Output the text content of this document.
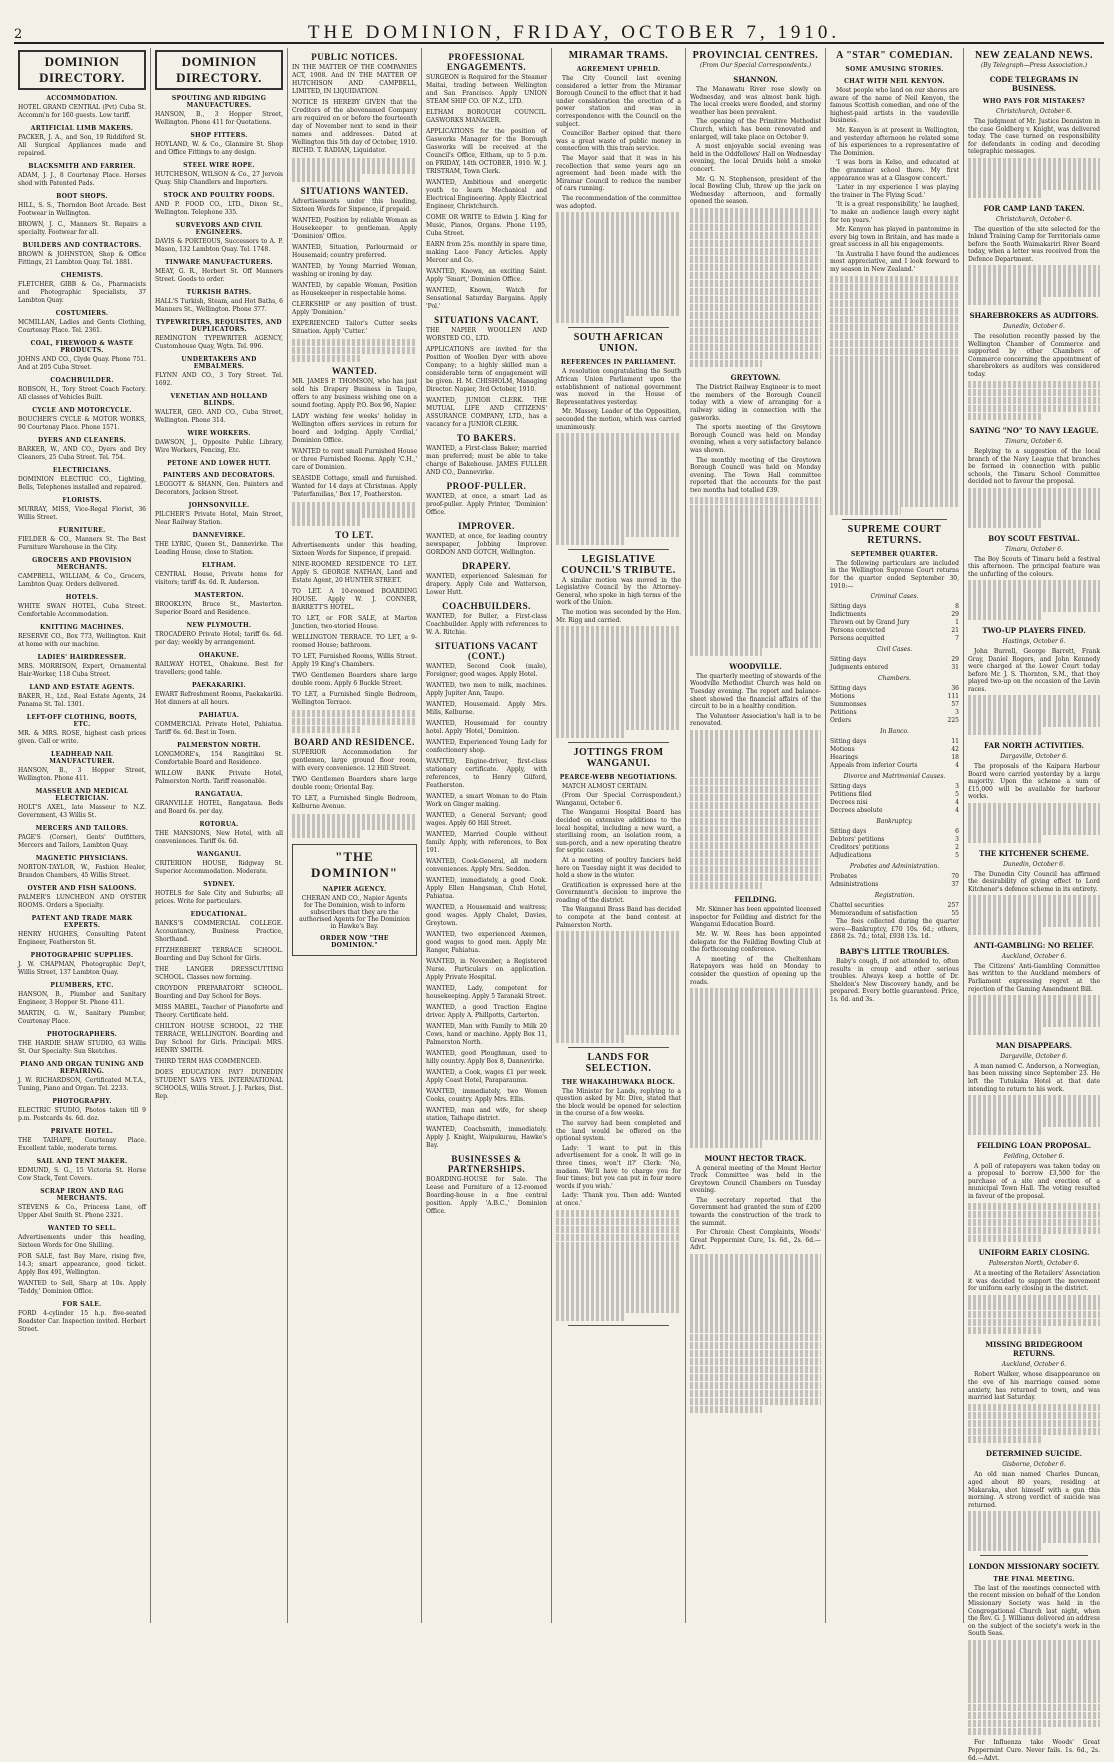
2	THE DOMINION, FRIDAY, OCTOBER 7, 1910.
DOMINION DIRECTORY.
ACCOMMODATION.

HOTEL GRAND CENTRAL (Pvt) Cuba St. Accomm'n for 160 guests. Low tariff.

ARTIFICIAL LIMB MAKERS.

PACKER, J. A., and Son, 19 Riddiford St. All Surgical Appliances made and repaired.

BLACKSMITH AND FARRIER.

ADAM, J. J., 8 Courtenay Place. Horses shod with Patented Pads.

BOOT SHOPS.

HILL, S. S., Thorndon Boot Arcade. Best Footwear in Wellington.

BROWN, J. C., Manners St. Repairs a specialty. Footwear for all.

BUILDERS AND CONTRACTORS.

BROWN & JOHNSTON, Shop & Office Fittings, 21 Lambton Quay. Tel. 1881.

CHEMISTS.

FLETCHER, GIBB & Co., Pharmacists and Photographic Specialists, 37 Lambton Quay.

COSTUMIERS.

MCMILLAN, Ladies and Gents Clothing, Courtenay Place. Tel. 2361.

COAL, FIREWOOD & WASTE PRODUCTS.

JOHNS AND CO., Clyde Quay. Phone 751. And at 205 Cuba Street.

COACHBUILDER.

ROBSON, H., Tory Street Coach Factory. All classes of Vehicles Built.

CYCLE AND MOTORCYCLE.

BOUCHER'S CYCLE & MOTOR WORKS, 90 Courtenay Place. Phone 1571.

DYERS AND CLEANERS.

BARKER, W., AND CO., Dyers and Dry Cleaners, 25 Cuba Street. Tel. 754.

ELECTRICIANS.

DOMINION ELECTRIC CO., Lighting, Bells, Telephones installed and repaired.

FLORISTS.

MURRAY, MISS, Vice-Regal Florist, 36 Willis Street.

FURNITURE.

FIELDER & CO., Manners St. The Best Furniture Warehouse in the City.

GROCERS AND PROVISION MERCHANTS.

CAMPBELL, WILLIAM, & Co., Grocers, Lambton Quay. Orders delivered.

HOTELS.

WHITE SWAN HOTEL, Cuba Street. Comfortable Accommodation.

KNITTING MACHINES.

RESERVE CO., Box 773, Wellington. Knit at home with our machine.

LADIES' HAIRDRESSER.

MRS. MORRISON, Expert, Ornamental Hair-Worker, 118 Cuba Street.

LAND AND ESTATE AGENTS.

BAKER, H., Ltd., Real Estate Agents, 24 Panama St. Tel. 1301.

LEFT-OFF CLOTHING, BOOTS, ETC.

MR. & MRS. ROSE, highest cash prices given. Call or write.

LEADHEAD NAIL MANUFACTURER.

HANSON, B., 3 Hopper Street, Wellington. Phone 411.

MASSEUR AND MEDICAL ELECTRICIAN.

HOLT'S AXEL, late Masseur to N.Z. Government, 43 Willis St.

MERCERS AND TAILORS.

PAGE'S (Corner), Gents' Outfitters, Mercers and Tailors, Lambton Quay.

MAGNETIC PHYSICIANS.

NORTON-TAYLOR, W., Fashion Healer, Brandon Chambers, 45 Willis Street.

OYSTER AND FISH SALOONS.

PALMER'S LUNCHEON AND OYSTER ROOMS. Orders a Specialty.

PATENT AND TRADE MARK EXPERTS.

HENRY HUGHES, Consulting Patent Engineer, Featherston St.

PHOTOGRAPHIC SUPPLIES.

J. W. CHAPMAN, Photographic Dep't, Willis Street, 137 Lambton Quay.

PLUMBERS, ETC.

HANSON, B., Plumber and Sanitary Engineer, 3 Hopper St. Phone 411.

MARTIN, G. W., Sanitary Plumber, Courtenay Place.

PHOTOGRAPHERS.

THE HARDIE SHAW STUDIO, 63 Willis St. Our Specialty: Sun Sketches.

PIANO AND ORGAN TUNING AND REPAIRING.

J. W. RICHARDSON, Certificated M.T.A., Tuning, Piano and Organ. Tel. 2233.

PHOTOGRAPHY.

ELECTRIC STUDIO, Photos taken till 9 p.m. Postcards 4s. 6d. doz.

PRIVATE HOTEL.

THE TAIHAPE, Courtenay Place. Excellent table, moderate terms.

SAIL AND TENT MAKER.

EDMUND, S. G., 15 Victoria St. Horse Cow Stack, Tent Covers.

SCRAP IRON AND RAG MERCHANTS.

STEVENS & Co., Princess Lane, off Upper Abel Smith St. Phone 2321.

WANTED TO SELL.

Advertisements under this heading, Sixteen Words for One Shilling.

FOR SALE, fast Bay Mare, rising five, 14.3; smart appearance, good ticket. Apply Box 491, Wellington.

WANTED to Sell, Sharp at 10s. Apply 'Teddy,' Dominion Office.

FOR SALE.

FORD 4-cylinder 15 h.p. five-seated Roadster Car. Inspection invited. Herbert Street.

DOMINION DIRECTORY.
SPOUTING AND RIDGING MANUFACTURES.

HANSON, B., 3 Hopper Street, Wellington. Phone 411 for Quotations.

SHOP FITTERS.

HOYLAND, W. & Co., Glanmire St. Shop and Office Fittings to any design.

STEEL WIRE ROPE.

HUTCHESON, WILSON & Co., 27 Jervois Quay. Ship Chandlers and Importers.

STOCK AND POULTRY FOODS.

AND P. FOOD CO., LTD., Dixon St., Wellington. Telephone 335.

SURVEYORS AND CIVIL ENGINEERS.

DAVIS & PORTEOUS, Successors to A. P. Mason, 132 Lambton Quay. Tel. 1748.

TINWARE MANUFACTURERS.

MEAY, G. R., Herbert St. Off Manners Street. Goods to order.

TURKISH BATHS.

HALL'S Turkish, Steam, and Hot Baths, 6 Manners St., Wellington. Phone 377.

TYPEWRITERS, REQUISITES, AND DUPLICATORS.

REMINGTON TYPEWRITER AGENCY, Customhouse Quay, Wgtn. Tel. 996.

UNDERTAKERS AND EMBALMERS.

FLYNN AND CO., 3 Tory Street. Tel. 1692.

VENETIAN AND HOLLAND BLINDS.

WALTER, GEO. AND CO., Cuba Street, Wellington. Phone 314.

WIRE WORKERS.

DAWSON, J., Opposite Public Library, Wire Workers, Fencing, Etc.

PETONE AND LOWER HUTT.
PAINTERS AND DECORATORS.

LEGGOTT & SHANN, Gen. Painters and Decorators, Jackson Street.

JOHNSONVILLE.

PILCHER'S Private Hotel, Main Street, Near Railway Station.

DANNEVIRKE.

THE LYRIC, Queen St., Dannevirke. The Leading House, close to Station.

ELTHAM.

CENTRAL House, Private home for visitors; tariff 4s. 6d. R. Anderson.

MASTERTON.

BROOKLYN, Bruce St., Masterton. Superior Board and Residence.

NEW PLYMOUTH.

TROCADERO Private Hotel; tariff 6s. 6d. per day; weekly by arrangement.

OHAKUNE.

RAILWAY HOTEL, Ohakune. Best for travellers; good table.

PAEKAKARIKI.

EWART Refreshment Rooms, Paekakariki. Hot dinners at all hours.

PAHIATUA.

COMMERCIAL Private Hotel, Pahiatua. Tariff 6s. 6d. Best in Town.

PALMERSTON NORTH.

LONGMORE's, 154 Rangitikei St. Comfortable Board and Residence.

WILLOW BANK Private Hotel, Palmerston North. Tariff reasonable.

RANGATAUA.

GRANVILLE HOTEL, Rangataua. Beds and Board 6s. per day.

ROTORUA.

THE MANSIONS, New Hotel, with all conveniences. Tariff 6s. 6d.

WANGANUI.

CRITERION HOUSE, Ridgway St. Superior Accommodation. Moderate.

SYDNEY.

HOTELS for Sale City and Suburbs; all prices. Write for particulars.

EDUCATIONAL.

BANKS'S COMMERCIAL COLLEGE. Accountancy, Business Practice, Shorthand.

FITZHERBERT TERRACE SCHOOL. Boarding and Day School for Girls.

THE LANGER DRESSCUTTING SCHOOL. Classes now forming.

CROYDON PREPARATORY SCHOOL. Boarding and Day School for Boys.

MISS MABEL, Teacher of Pianoforte and Theory. Certificate held.

CHILTON HOUSE SCHOOL, 22 THE TERRACE, WELLINGTON. Boarding and Day School for Girls. Principal: MRS. HENRY SMITH.

THIRD TERM HAS COMMENCED.

DOES EDUCATION PAY? DUNEDIN STUDENT SAYS YES. INTERNATIONAL SCHOOLS, Willis Street. J. J. Parkes, Dist. Rep.

PUBLIC NOTICES.

IN THE MATTER OF THE COMPANIES ACT, 1908. And IN THE MATTER OF HUTCHISON AND CAMPBELL, LIMITED, IN LIQUIDATION.

NOTICE IS HEREBY GIVEN that the Creditors of the abovenamed Company are required on or before the fourteenth day of November next to send in their names and addresses. Dated at Wellington this 5th day of October, 1910. RICHD. T. RADIAN, Liquidator.

SITUATIONS WANTED.

Advertisements under this heading, Sixteen Words for Sixpence, if prepaid.

WANTED, Position by reliable Woman as Housekeeper to gentleman. Apply 'Dominion' Office.

WANTED, Situation, Parlourmaid or Housemaid; country preferred.

WANTED, by Young Married Woman, washing or ironing by day.

WANTED, by capable Woman, Position as Housekeeper in respectable home.

CLERKSHIP or any position of trust. Apply 'Dominion.'

EXPERIENCED Tailor's Cutter seeks Situation. Apply 'Cutter.'

WANTED.

MR. JAMES P. THOMSON, who has just sold his Drapery Business in Taupo, offers to any business wishing one on a sound footing. Apply P.O. Box 96, Napier.

LADY wishing few weeks' holiday in Wellington offers services in return for board and lodging. Apply 'Cordial,' Dominion Office.

WANTED to rent small Furnished House or three Furnished Rooms. Apply 'C.H.,' care of Dominion.

SEASIDE Cottage, small and furnished. Wanted for 14 days at Christmas. Apply 'Paterfamilias,' Box 17, Featherston.

TO LET.

Advertisements under this heading, Sixteen Words for Sixpence, if prepaid.

NINE-ROOMED RESIDENCE TO LET. Apply S. GEORGE NATHAN, Land and Estate Agent, 20 HUNTER STREET.

TO LET. A 10-roomed BOARDING HOUSE. Apply W. J. CONNER, BARRETT'S HOTEL.

TO LET, or FOR SALE, at Marton Junction, two-storied House.

WELLINGTON TERRACE. TO LET, a 9-roomed House; bathroom.

TO LET, Furnished Rooms, Willis Street. Apply 19 King's Chambers.

TWO Gentlemen Boarders share large double room. Apply 6 Buckle Street.

TO LET, a Furnished Single Bedroom, Wellington Terrace.

BOARD AND RESIDENCE.

SUPERIOR Accommodation for gentlemen, large ground floor room, with every convenience. 12 Hill Street.

TWO Gentlemen Boarders share large double room; Oriental Bay.

TO LET, a Furnished Single Bedroom, Kelburne Avenue.

"THE DOMINION"
NAPIER AGENCY.

CHERAN AND CO., Napier Agents for The Dominion, wish to inform subscribers that they are the authorised Agents for The Dominion in Hawke's Bay.

ORDER NOW "THE DOMINION."
PROFESSIONAL ENGAGEMENTS.

SURGEON is Required for the Steamer Maitai, trading between Wellington and San Francisco. Apply UNION STEAM SHIP CO. OF N.Z., LTD.

ELTHAM BOROUGH COUNCIL. GASWORKS MANAGER.

APPLICATIONS for the position of Gasworks Manager for the Borough Gasworks will be received at the Council's Office, Eltham, up to 5 p.m. on FRIDAY, 14th OCTOBER, 1910. W. J. TRISTRAM, Town Clerk.

WANTED, Ambitious and energetic youth to learn Mechanical and Electrical Engineering. Apply Electrical Engineer, Christchurch.

COME OR WRITE to Edwin J. King for Music, Pianos, Organs. Phone 1195, Cuba Street.

EARN from 25s. monthly in spare time, making Lace Fancy Articles. Apply Mercer and Co.

WANTED, Known, an exciting Saint. Apply 'Smart,' Dominion Office.

WANTED, Known, Watch for Sensational Saturday Bargains. Apply 'Pol.'

SITUATIONS VACANT.

THE NAPIER WOOLLEN AND WORSTED CO., LTD.

APPLICATIONS are invited for the Position of Woollen Dyer with above Company; to a highly skilled man a considerable term of engagement will be given. H. M. CHISHOLM, Managing Director. Napier, 3rd October, 1910.

WANTED, JUNIOR CLERK. THE MUTUAL LIFE AND CITIZENS' ASSURANCE COMPANY, LTD., has a vacancy for a JUNIOR CLERK.

TO BAKERS.

WANTED, a First-class Baker; married man preferred; must be able to take charge of Bakehouse. JAMES FULLER AND CO., Dannevirke.

PROOF-PULLER.

WANTED, at once, a smart Lad as proof-puller. Apply Printer, 'Dominion' Office.

IMPROVER.

WANTED, at once, for leading country newspaper, Jobbing Improver. GORDON AND GOTCH, Wellington.

DRAPERY.

WANTED, experienced Salesman for drapery. Apply Cole and Watterson, Lower Hutt.

COACHBUILDERS.

WANTED, for Buller, a First-class Coachbuilder. Apply with references to W. A. Ritchie.

SITUATIONS VACANT (CONT.)

WANTED, Second Cook (male), Foreigner; good wages. Apply Hotel.

WANTED, two men to milk, machines. Apply Jupiter Ann, Taupo.

WANTED, Housemaid. Apply Mrs. Mills, Kelburne.

WANTED, Housemaid for country hotel. Apply 'Hotel,' Dominion.

WANTED, Experienced Young Lady for confectionery shop.

WANTED, Engine-driver, first-class stationary certificate. Apply, with references, to Henry Gilford, Featherston.

WANTED, a smart Woman to do Plain Work on Ginger making.

WANTED, a General Servant; good wages. Apply 60 Hill Street.

WANTED, Married Couple without family. Apply, with references, to Box 191.

WANTED, Cook-General, all modern conveniences. Apply Mrs. Seddon.

WANTED, immediately, a good Cook. Apply Ellen Hangsman, Club Hotel, Pahiatua.

WANTED, a Housemaid and waitress; good wages. Apply Chalet, Davies, Greytown.

WANTED, two experienced Axemen, good wages to good men. Apply Mr. Ranger, Pahiatua.

WANTED, in November, a Registered Nurse. Particulars on application. Apply Private Hospital.

WANTED, Lady, competent for housekeeping. Apply 5 Taranaki Street.

WANTED, a good Traction Engine driver. Apply A. Phillpotts, Carterton.

WANTED, Man with Family to Milk 20 Cows, hand or machine. Apply Box 11, Palmerston North.

WANTED, good Ploughman, used to hilly country. Apply Box 8, Dannevirke.

WANTED, a Cook, wages £1 per week. Apply Coast Hotel, Paraparaumu.

WANTED, immediately, two Women Cooks, country. Apply Mrs. Ellis.

WANTED, man and wife, for sheep station, Taihape district.

WANTED, Coachsmith, immediately. Apply J. Knight, Waipukurau, Hawke's Bay.

BUSINESSES & PARTNERSHIPS.

BOARDING-HOUSE for Sale. The Lease and Furniture of a 12-roomed Boarding-house in a fine central position. Apply 'A.B.C.,' Dominion Office.

MIRAMAR TRAMS.
AGREEMENT UPHELD.

The City Council last evening considered a letter from the Miramar Borough Council to the effect that it had under consideration the erection of a power station and was in correspondence with the Council on the subject.

Councillor Barber opined that there was a great waste of public money in connection with this tram service.

The Mayor said that it was in his recollection that some years ago an agreement had been made with the Miramar Council to reduce the number of cars running.

The recommendation of the committee was adopted.

SOUTH AFRICAN UNION.
REFERENCES IN PARLIAMENT.

A resolution congratulating the South African Union Parliament upon the establishment of national government was moved in the House of Representatives yesterday.

Mr. Massey, Leader of the Opposition, seconded the motion, which was carried unanimously.

LEGISLATIVE COUNCIL'S TRIBUTE.

A similar motion was moved in the Legislative Council by the Attorney-General, who spoke in high terms of the work of the Union.

The motion was seconded by the Hon. Mr. Rigg and carried.

JOTTINGS FROM WANGANUI.
PEARCE-WEBB NEGOTIATIONS.

MATCH ALMOST CERTAIN.

(From Our Special Correspondent.) Wanganui, October 6.

The Wanganui Hospital Board has decided on extensive additions to the local hospital, including a new ward, a sterilising room, an isolation room, a sun-porch, and a new operating theatre for septic cases.

At a meeting of poultry fanciers held here on Tuesday night it was decided to hold a show in the winter.

Gratification is expressed here at the Government's decision to improve the roading of the district.

The Wanganui Brass Band has decided to compete at the band contest at Palmerston North.

LANDS FOR SELECTION.
THE WHAKAIHUWAKA BLOCK.

The Minister for Lands, replying to a question asked by Mr. Dive, stated that the block would be opened for selection in the course of a few weeks.

The survey had been completed and the land would be offered on the optional system.

Lady: 'I want to put in this advertisement for a cook. It will go in three times, won't it?' Clerk: 'No, madam. We'll have to charge you for four times; but you can put in four more words if you wish.'

Lady: 'Thank you. Then add: Wanted at once.'

PROVINCIAL CENTRES.
(From Our Special Correspondents.)
SHANNON.

The Manawatu River rose slowly on Wednesday, and was almost bank high. The local creeks were flooded, and stormy weather has been prevalent.

The opening of the Primitive Methodist Church, which has been renovated and enlarged, will take place on October 9.

A most enjoyable social evening was held in the Oddfellows' Hall on Wednesday evening, the local Druids held a smoke concert.

Mr. G. N. Stephenson, president of the local Bowling Club, threw up the jack on Wednesday afternoon, and formally opened the season.

GREYTOWN.

The District Railway Engineer is to meet the members of the Borough Council today with a view of arranging for a railway siding in connection with the gasworks.

The sports meeting of the Greytown Borough Council was held on Monday evening, when a very satisfactory balance was shown.

The monthly meeting of the Greytown Borough Council was held on Monday evening. The Town Hall committee reported that the accounts for the past two months had totalled £39.

WOODVILLE.

The quarterly meeting of stewards of the Woodville Methodist Church was held on Tuesday evening. The report and balance-sheet showed the financial affairs of the circuit to be in a healthy condition.

The Volunteer Association's hall is to be renovated.

FEILDING.

Mr. Skinner has been appointed licensed inspector for Feilding and district for the Wanganui Education Board.

Mr. W. W. Rees has been appointed delegate for the Feilding Bowling Club at the forthcoming conference.

A meeting of the Cheltenham Ratepayers was held on Monday to consider the question of opening up the roads.

MOUNT HECTOR TRACK.

A general meeting of the Mount Hector Track Committee was held in the Greytown Council Chambers on Tuesday evening.

The secretary reported that the Government had granted the sum of £200 towards the construction of the track to the summit.

For Chronic Chest Complaints, Woods' Great Peppermint Cure, 1s. 6d., 2s. 6d.—Advt.

A "STAR" COMEDIAN.
SOME AMUSING STORIES.
CHAT WITH NEIL KENYON.

Most people who land on our shores are aware of the name of Neil Kenyon, the famous Scottish comedian, and one of the highest-paid artists in the vaudeville business.

Mr. Kenyon is at present in Wellington, and yesterday afternoon he related some of his experiences to a representative of The Dominion.

'I was born in Kelso, and educated at the grammar school there. My first appearance was at a Glasgow concert.'

'Later in my experience I was playing the trainer in The Flying Scud.'

'It is a great responsibility,' he laughed, 'to make an audience laugh every night for ten years.'

Mr. Kenyon has played in pantomime in every big town in Britain, and has made a great success in all his engagements.

'In Australia I have found the audiences most appreciative, and I look forward to my season in New Zealand.'

SUPREME COURT RETURNS.
SEPTEMBER QUARTER.

The following particulars are included in the Wellington Supreme Court returns for the quarter ended September 30, 1910:—

Criminal Cases.
Sitting days	8
Indictments	29
Thrown out by Grand Jury	1
Persons convicted	21
Persons acquitted	7
Civil Cases.
Sitting days	29
Judgments entered	31
Chambers.
Sitting days	36
Motions	111
Summonses	57
Petitions	3
Orders	225
In Banco.
Sitting days	11
Motions	42
Hearings	18
Appeals from inferior Courts	4
Divorce and Matrimonial Causes.
Sitting days	3
Petitions filed	5
Decrees nisi	4
Decrees absolute	4
Bankruptcy.
Sitting days	6
Debtors' petitions	3
Creditors' petitions	2
Adjudications	5
Probates and Administration.
Probates	70
Administrations	37
Registration.
Chattel securities	257
Memorandum of satisfaction	55

The fees collected during the quarter were—Bankruptcy, £70 10s. 6d.; others, £868 2s. 7d.; total, £938 13s. 1d.

BABY'S LITTLE TROUBLES.

Baby's cough, if not attended to, often results in croup and other serious troubles. Always keep a bottle of Dr. Sheldon's New Discovery handy, and be prepared. Every bottle guaranteed. Price, 1s. 6d. and 3s.

NEW ZEALAND NEWS.
(By Telegraph—Press Association.)
CODE TELEGRAMS IN BUSINESS.
WHO PAYS FOR MISTAKES?
Christchurch, October 6.

The judgment of Mr. Justice Denniston in the case Goldberg v. Knight, was delivered today. The case turned on responsibility for defendants in coding and decoding telegraphic messages.

FOR CAMP LAND TAKEN.
Christchurch, October 6.

The question of the site selected for the Inland Training Camp for Territorials came before the South Waimakariri River Board today, when a letter was received from the Defence Department.

SHAREBROKERS AS AUDITORS.
Dunedin, October 6.

The resolution recently passed by the Wellington Chamber of Commerce and supported by other Chambers of Commerce concerning the appointment of sharebrokers as auditors was considered today.

SAYING "NO" TO NAVY LEAGUE.
Timaru, October 6.

Replying to a suggestion of the local branch of the Navy League that branches be formed in connection with public schools, the Timaru School Committee decided not to favour the proposal.

BOY SCOUT FESTIVAL.
Timaru, October 6.

The Boy Scouts of Timaru held a festival this afternoon. The principal feature was the unfurling of the colours.

TWO-UP PLAYERS FINED.
Hastings, October 6.

John Burrell, George Barrett, Frank Gray, Daniel Rogers, and John Kennedy were charged at the Lower Court today before Mr. J. S. Thornton, S.M., that they played two-up on the occasion of the Levin races.

FAR NORTH ACTIVITIES.
Dargaville, October 6.

The proposals of the Kaipara Harbour Board were carried yesterday by a large majority. Upon the scheme a sum of £15,000 will be available for harbour works.

THE KITCHENER SCHEME.
Dunedin, October 6.

The Dunedin City Council has affirmed the desirability of giving effect to Lord Kitchener's defence scheme in its entirety.

ANTI-GAMBLING: NO RELIEF.
Auckland, October 6.

The Citizens' Anti-Gambling Committee has written to the Auckland members of Parliament expressing regret at the rejection of the Gaming Amendment Bill.

MAN DISAPPEARS.
Dargaville, October 6.

A man named C. Anderson, a Norwegian, has been missing since September 23. He left the Tutukaka Hotel at that date intending to return to his work.

FEILDING LOAN PROPOSAL.
Feilding, October 6.

A poll of ratepayers was taken today on a proposal to borrow £3,500 for the purchase of a site and erection of a municipal Town Hall. The voting resulted in favour of the proposal.

UNIFORM EARLY CLOSING.
Palmerston North, October 6.

At a meeting of the Retailers' Association it was decided to support the movement for uniform early closing in the district.

MISSING BRIDEGROOM RETURNS.
Auckland, October 6.

Robert Walker, whose disappearance on the eve of his marriage caused some anxiety, has returned to town, and was married last Saturday.

DETERMINED SUICIDE.
Gisborne, October 6.

An old man named Charles Duncan, aged about 80 years, residing at Makaraka, shot himself with a gun this morning. A strong verdict of suicide was returned.

LONDON MISSIONARY SOCIETY.
THE FINAL MEETING.

The last of the meetings connected with the recent mission on behalf of the London Missionary Society was held in the Congregational Church last night, when the Rev. G. J. Williams delivered an address on the subject of the society's work in the South Seas.

For Influenza take Woods' Great Peppermint Cure. Never fails. 1s. 6d., 2s. 6d.—Advt.
